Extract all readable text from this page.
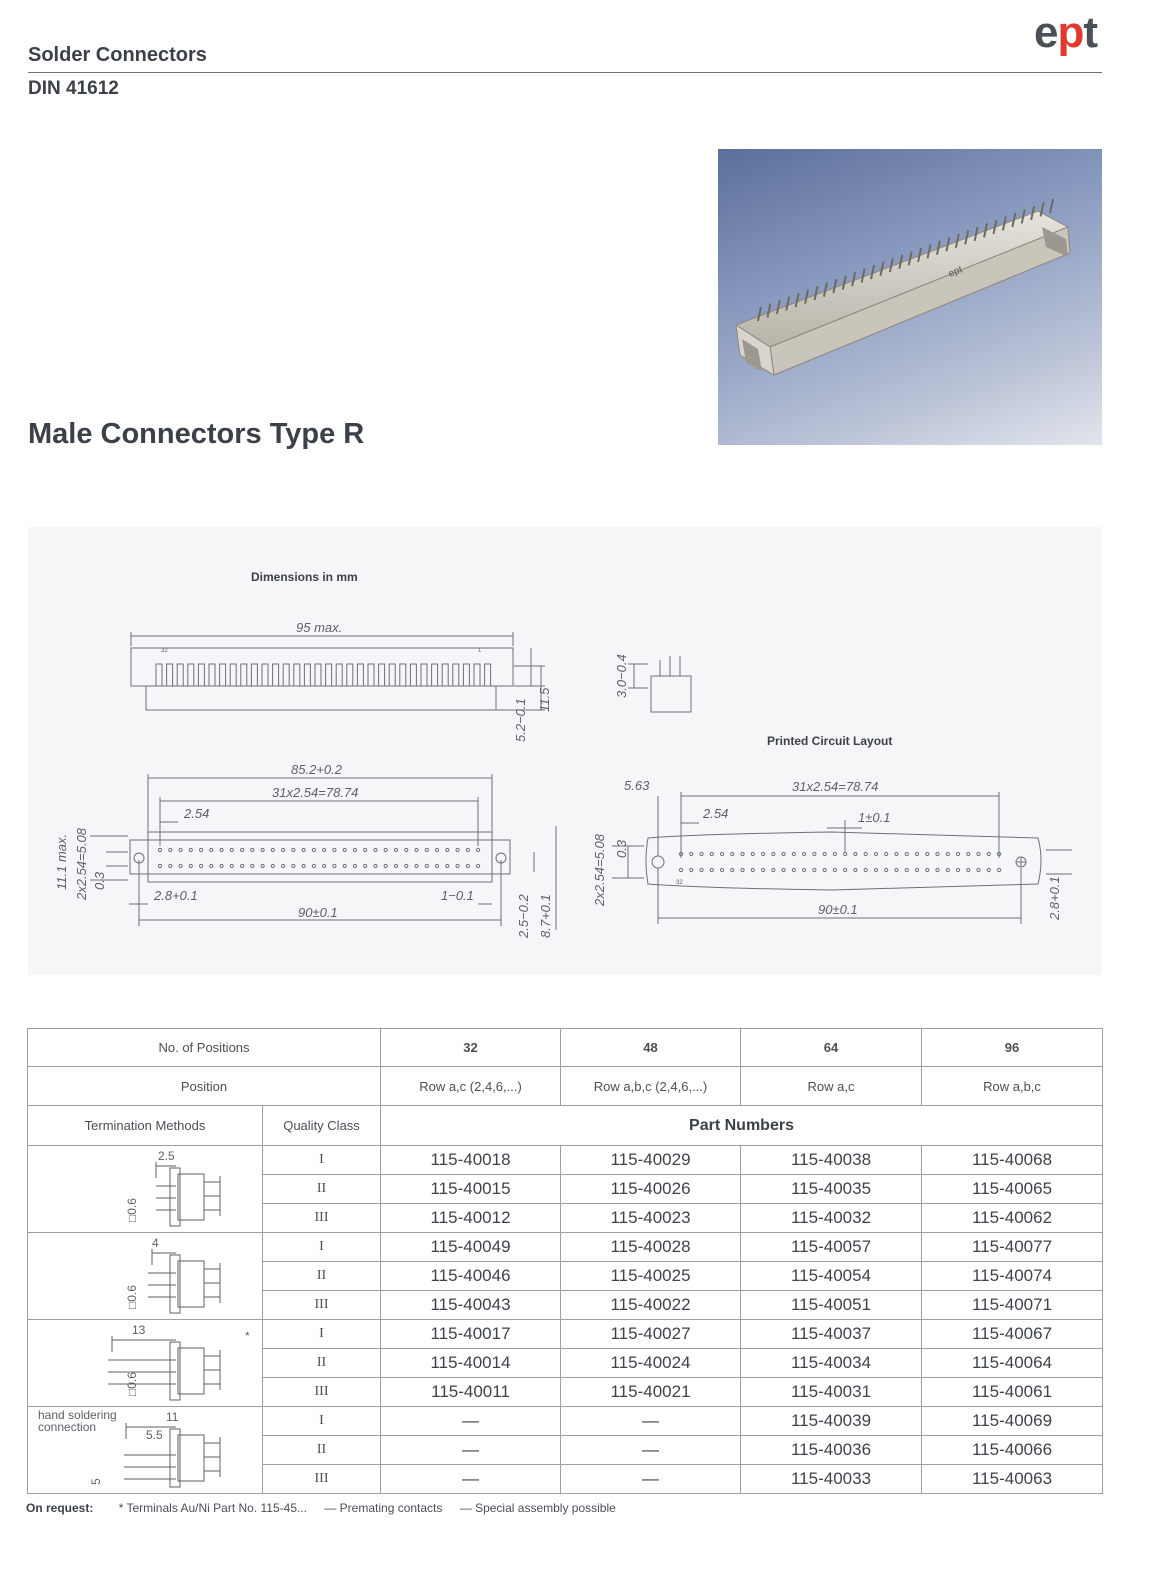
Solder Connectors
DIN 41612
ept
ept
Male Connectors Type R
Dimensions in mm
Printed Circuit Layout
95 max.
32	1
11.5
5.2−0.1
3.0−0.4
85.2+0.2
31x2.54=78.74
2.54
11.1 max. 2x2.54=5.08 0.3
2.8+0.1	1−0.1
90±0.1	2.5−0.2 8.7+0.1
5.63	31x2.54=78.74
2.54	1±0.1
2x2.54=5.08 0.3
90±0.1	2.8+0.1
32
No. of Positions		32	48	64	96
Position		Row a,c (2,4,6,...)	Row a,b,c (2,4,6,...)	Row a,c	Row a,b,c
Termination Methods	Quality Class	Part Numbers			

2.5
□0.6	I	115-40018	115-40029	115-40038	115-40068
	II	115-40015	115-40026	115-40035	115-40065
	III	115-40012	115-40023	115-40032	115-40062

4
□0.6	I	115-40049	115-40028	115-40057	115-40077
	II	115-40046	115-40025	115-40054	115-40074
	III	115-40043	115-40022	115-40051	115-40071

13 *
□0.6	I	115-40017	115-40027	115-40037	115-40067
	II	115-40014	115-40024	115-40034	115-40064
	III	115-40011	115-40021	115-40031	115-40061

11
hand soldering connection
5.5
5	I	—	—	115-40039	115-40069
	II	—	—	115-40036	115-40066
	III	—	—	115-40033	115-40063
On request: * Terminals Au/Ni Part No. 115-45... — Premating contacts — Special assembly possible
